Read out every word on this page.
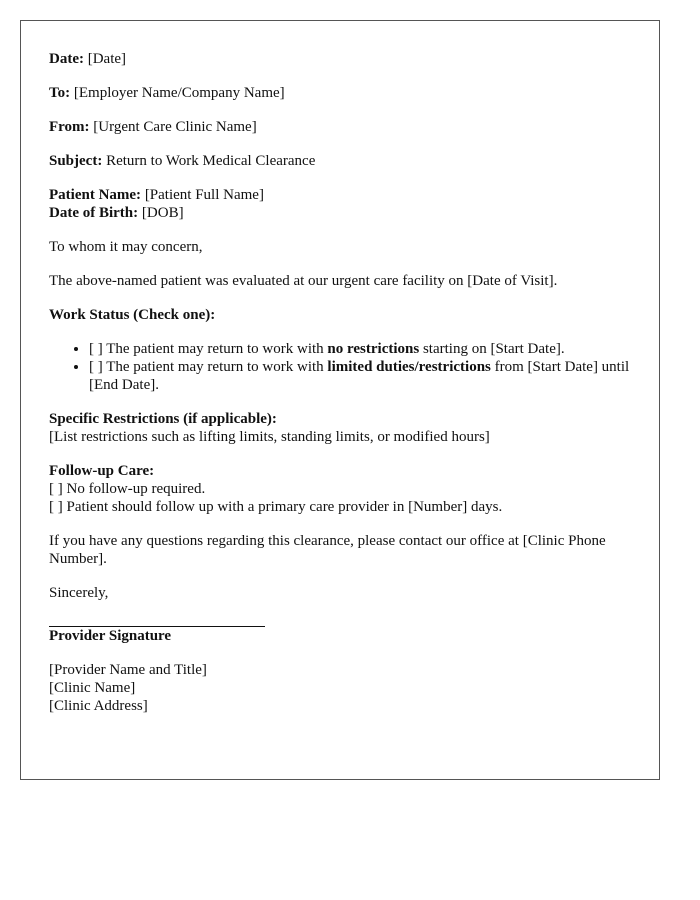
Date: [Date]

To: [Employer Name/Company Name]

From: [Urgent Care Clinic Name]

Subject: Return to Work Medical Clearance

Patient Name: [Patient Full Name]
Date of Birth: [DOB]

To whom it may concern,

The above-named patient was evaluated at our urgent care facility on [Date of Visit].

Work Status (Check one):

• [ ] The patient may return to work with no restrictions starting on [Start Date].
• [ ] The patient may return to work with limited duties/restrictions from [Start Date] until [End Date].

Specific Restrictions (if applicable):
[List restrictions such as lifting limits, standing limits, or modified hours]

Follow-up Care:
[ ] No follow-up required.
[ ] Patient should follow up with a primary care provider in [Number] days.

If you have any questions regarding this clearance, please contact our office at [Clinic Phone Number].

Sincerely,

Provider Signature

[Provider Name and Title]
[Clinic Name]
[Clinic Address]
